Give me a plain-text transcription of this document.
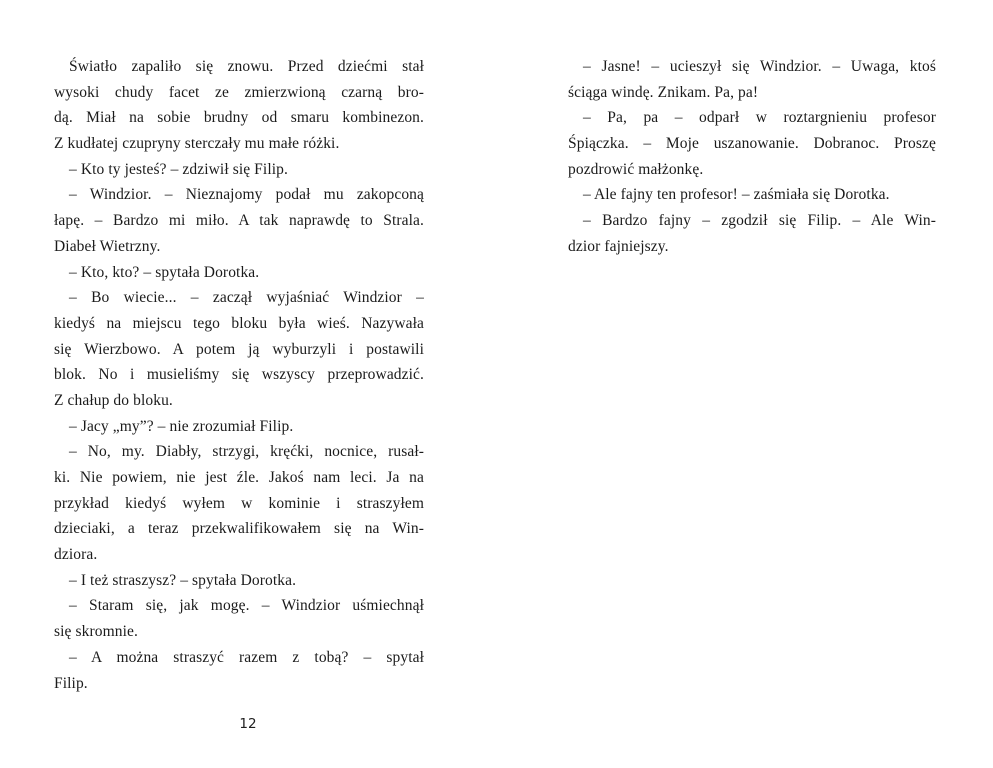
Światło zapaliło się znowu. Przed dziećmi stał
wysoki chudy facet ze zmierzwioną czarną bro-
dą. Miał na sobie brudny od smaru kombinezon.
Z kudłatej czupryny sterczały mu małe różki.
– Kto ty jesteś? – zdziwił się Filip.
– Windzior. – Nieznajomy podał mu zakopconą
łapę. – Bardzo mi miło. A tak naprawdę to Strala.
Diabeł Wietrzny.
– Kto, kto? – spytała Dorotka.
– Bo wiecie... – zaczął wyjaśniać Windzior –
kiedyś na miejscu tego bloku była wieś. Nazywała
się Wierzbowo. A potem ją wyburzyli i postawili
blok. No i musieliśmy się wszyscy przeprowadzić.
Z chałup do bloku.
– Jacy „my”? – nie zrozumiał Filip.
– No, my. Diabły, strzygi, kręćki, nocnice, rusał-
ki. Nie powiem, nie jest źle. Jakoś nam leci. Ja na
przykład kiedyś wyłem w kominie i straszyłem
dzieciaki, a teraz przekwalifikowałem się na Win-
dziora.
– I też straszysz? – spytała Dorotka.
– Staram się, jak mogę. – Windzior uśmiechnął
się skromnie.
– A można straszyć razem z tobą? – spytał
Filip.
– Jasne! – ucieszył się Windzior. – Uwaga, ktoś
ściąga windę. Znikam. Pa, pa!
– Pa, pa – odparł w roztargnieniu profesor
Śpiączka. – Moje uszanowanie. Dobranoc. Proszę
pozdrowić małżonkę.
– Ale fajny ten profesor! – zaśmiała się Dorotka.
– Bardzo fajny – zgodził się Filip. – Ale Win-
dzior fajniejszy.
12
